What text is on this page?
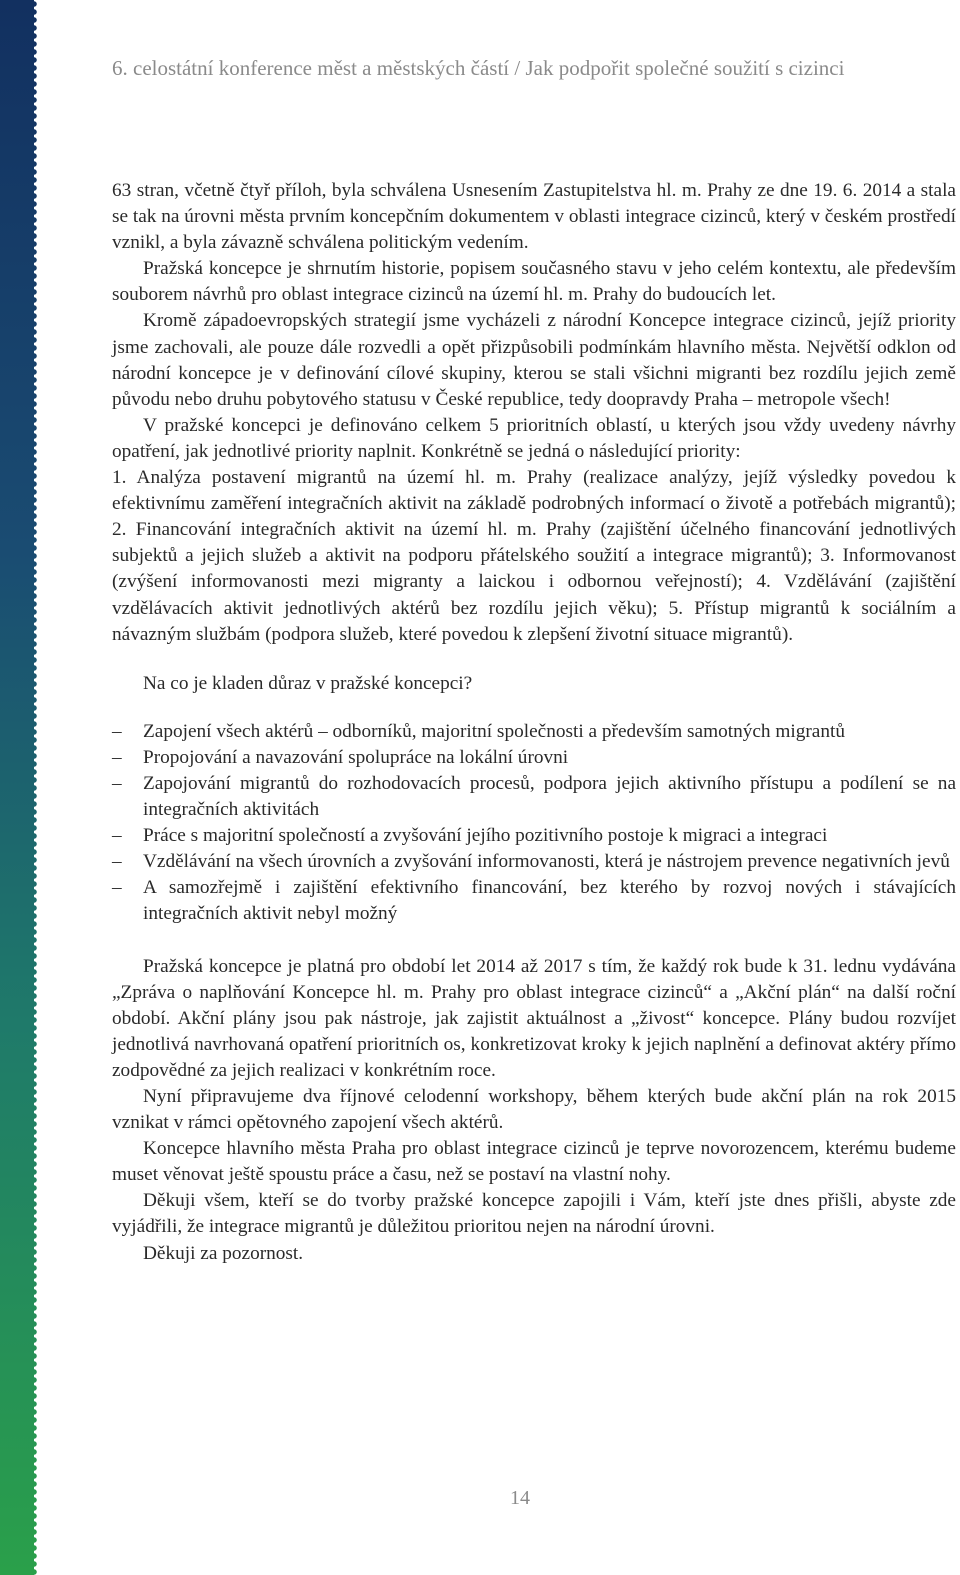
6. celostátní konference měst a městských částí / Jak podpořit společné soužití s cizinci

63 stran, včetně čtyř příloh, byla schválena Usnesením Zastupitelstva hl. m. Prahy ze dne 19. 6. 2014 a stala se tak na úrovni města prvním koncepčním dokumentem v oblasti integrace cizinců, který v českém prostředí vznikl, a byla závazně schválena politickým vedením.

Pražská koncepce je shrnutím historie, popisem současného stavu v jeho celém kontextu, ale především souborem návrhů pro oblast integrace cizinců na území hl. m. Prahy do budoucích let.

Kromě západoevropských strategií jsme vycházeli z národní Koncepce integrace cizinců, jejíž priority jsme zachovali, ale pouze dále rozvedli a opět přizpůsobili podmínkám hlavního města. Největší odklon od národní koncepce je v definování cílové skupiny, kterou se stali všichni migranti bez rozdílu jejich země původu nebo druhu pobytového statusu v České republice, tedy doopravdy Praha – metropole všech!

V pražské koncepci je definováno celkem 5 prioritních oblastí, u kterých jsou vždy uvedeny návrhy opatření, jak jednotlivé priority naplnit. Konkrétně se jedná o následující priority:

1. Analýza postavení migrantů na území hl. m. Prahy (realizace analýzy, jejíž výsledky povedou k efektivnímu zaměření integračních aktivit na základě podrobných informací o životě a potřebách migrantů); 2. Financování integračních aktivit na území hl. m. Prahy (zajištění účelného financování jednotlivých subjektů a jejich služeb a aktivit na podporu přátelského soužití a integrace migrantů); 3. Informovanost (zvýšení informovanosti mezi migranty a laickou i odbornou veřejností); 4. Vzdělávání (zajištění vzdělávacích aktivit jednotlivých aktérů bez rozdílu jejich věku); 5. Přístup migrantů k sociálním a návazným službám (podpora služeb, které povedou k zlepšení životní situace migrantů).

Na co je kladen důraz v pražské koncepci?

– Zapojení všech aktérů – odborníků, majoritní společnosti a především samotných migrantů
– Propojování a navazování spolupráce na lokální úrovni
– Zapojování migrantů do rozhodovacích procesů, podpora jejich aktivního přístupu a podílení se na integračních aktivitách
– Práce s majoritní společností a zvyšování jejího pozitivního postoje k migraci a integraci
– Vzdělávání na všech úrovních a zvyšování informovanosti, která je nástrojem prevence negativních jevů
– A samozřejmě i zajištění efektivního financování, bez kterého by rozvoj nových i stávajících integračních aktivit nebyl možný

Pražská koncepce je platná pro období let 2014 až 2017 s tím, že každý rok bude k 31. lednu vydávána „Zpráva o naplňování Koncepce hl. m. Prahy pro oblast integrace cizinců“ a „Akční plán“ na další roční období. Akční plány jsou pak nástroje, jak zajistit aktuálnost a „živost“ koncepce. Plány budou rozvíjet jednotlivá navrhovaná opatření prioritních os, konkretizovat kroky k jejich naplnění a definovat aktéry přímo zodpovědné za jejich realizaci v konkrétním roce.

Nyní připravujeme dva říjnové celodenní workshopy, během kterých bude akční plán na rok 2015 vznikat v rámci opětovného zapojení všech aktérů.

Koncepce hlavního města Praha pro oblast integrace cizinců je teprve novorozencem, kterému budeme muset věnovat ještě spoustu práce a času, než se postaví na vlastní nohy.

Děkuji všem, kteří se do tvorby pražské koncepce zapojili i Vám, kteří jste dnes přišli, abyste zde vyjádřili, že integrace migrantů je důležitou prioritou nejen na národní úrovni.

Děkuji za pozornost.

14
